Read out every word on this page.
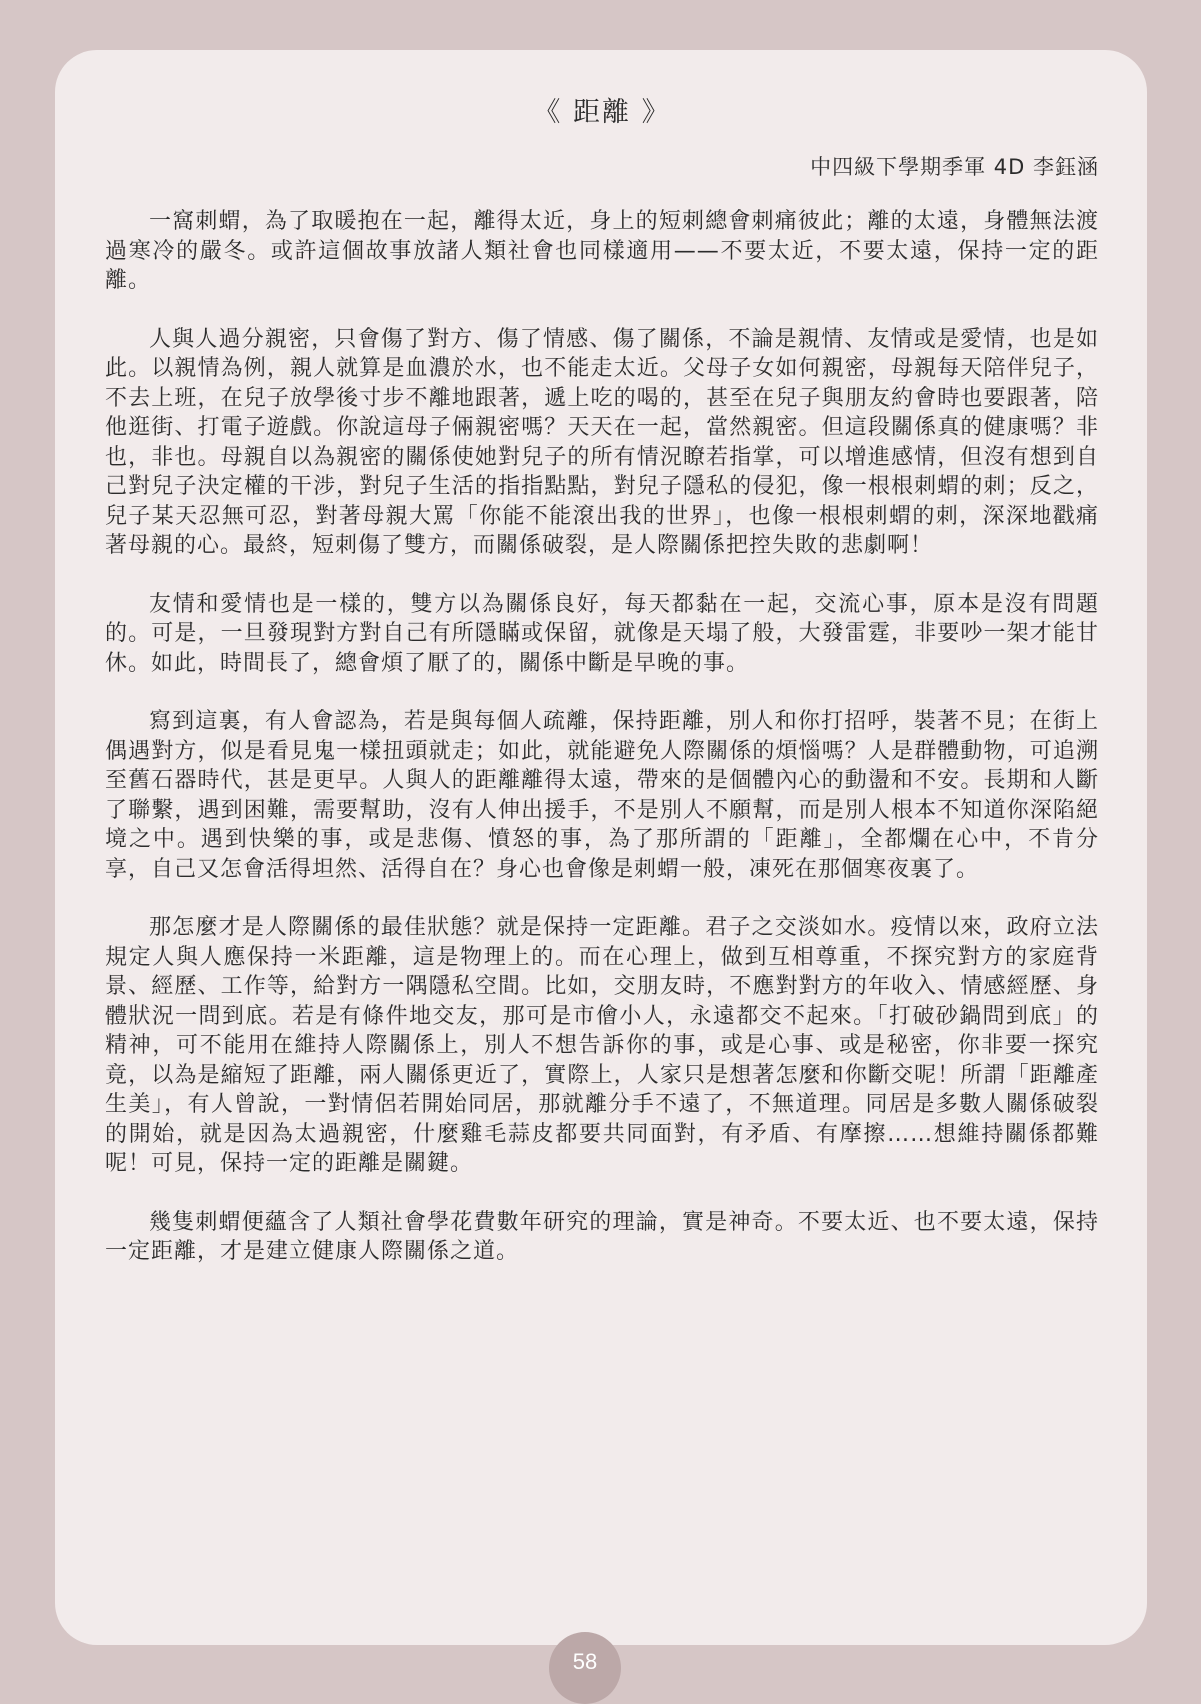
《 距離 》
中四級下學期季軍 4D 李鈺涵

一窩刺蝟，為了取暖抱在一起，離得太近，身上的短刺總會刺痛彼此；離的太遠，身體無法渡過寒冷的嚴冬。或許這個故事放諸人類社會也同樣適用——不要太近，不要太遠，保持一定的距離。

人與人過分親密，只會傷了對方、傷了情感、傷了關係，不論是親情、友情或是愛情，也是如此。以親情為例，親人就算是血濃於水，也不能走太近。父母子女如何親密，母親每天陪伴兒子，不去上班，在兒子放學後寸步不離地跟著，遞上吃的喝的，甚至在兒子與朋友約會時也要跟著，陪他逛街、打電子遊戲。你說這母子倆親密嗎？天天在一起，當然親密。但這段關係真的健康嗎？非也，非也。母親自以為親密的關係使她對兒子的所有情況瞭若指掌，可以增進感情，但沒有想到自己對兒子決定權的干涉，對兒子生活的指指點點，對兒子隱私的侵犯，像一根根刺蝟的刺；反之，兒子某天忍無可忍，對著母親大罵「你能不能滾出我的世界」，也像一根根刺蝟的刺，深深地戳痛著母親的心。最終，短刺傷了雙方，而關係破裂，是人際關係把控失敗的悲劇啊！

友情和愛情也是一樣的，雙方以為關係良好，每天都黏在一起，交流心事，原本是沒有問題的。可是，一旦發現對方對自己有所隱瞞或保留，就像是天塌了般，大發雷霆，非要吵一架才能甘休。如此，時間長了，總會煩了厭了的，關係中斷是早晚的事。

寫到這裏，有人會認為，若是與每個人疏離，保持距離，別人和你打招呼，裝著不見；在街上偶遇對方，似是看見鬼一樣扭頭就走；如此，就能避免人際關係的煩惱嗎？人是群體動物，可追溯至舊石器時代，甚是更早。人與人的距離離得太遠，帶來的是個體內心的動盪和不安。長期和人斷了聯繫，遇到困難，需要幫助，沒有人伸出援手，不是別人不願幫，而是別人根本不知道你深陷絕境之中。遇到快樂的事，或是悲傷、憤怒的事，為了那所謂的「距離」，全都爛在心中，不肯分享，自己又怎會活得坦然、活得自在？身心也會像是刺蝟一般，凍死在那個寒夜裏了。

那怎麼才是人際關係的最佳狀態？就是保持一定距離。君子之交淡如水。疫情以來，政府立法規定人與人應保持一米距離，這是物理上的。而在心理上，做到互相尊重，不探究對方的家庭背景、經歷、工作等，給對方一隅隱私空間。比如，交朋友時，不應對對方的年收入、情感經歷、身體狀況一問到底。若是有條件地交友，那可是市儈小人，永遠都交不起來。「打破砂鍋問到底」的精神，可不能用在維持人際關係上，別人不想告訴你的事，或是心事、或是秘密，你非要一探究竟，以為是縮短了距離，兩人關係更近了，實際上，人家只是想著怎麼和你斷交呢！所謂「距離產生美」，有人曾說，一對情侶若開始同居，那就離分手不遠了，不無道理。同居是多數人關係破裂的開始，就是因為太過親密，什麼雞毛蒜皮都要共同面對，有矛盾、有摩擦……想維持關係都難呢！可見，保持一定的距離是關鍵。

幾隻刺蝟便蘊含了人類社會學花費數年研究的理論，實是神奇。不要太近、也不要太遠，保持一定距離，才是建立健康人際關係之道。

58
